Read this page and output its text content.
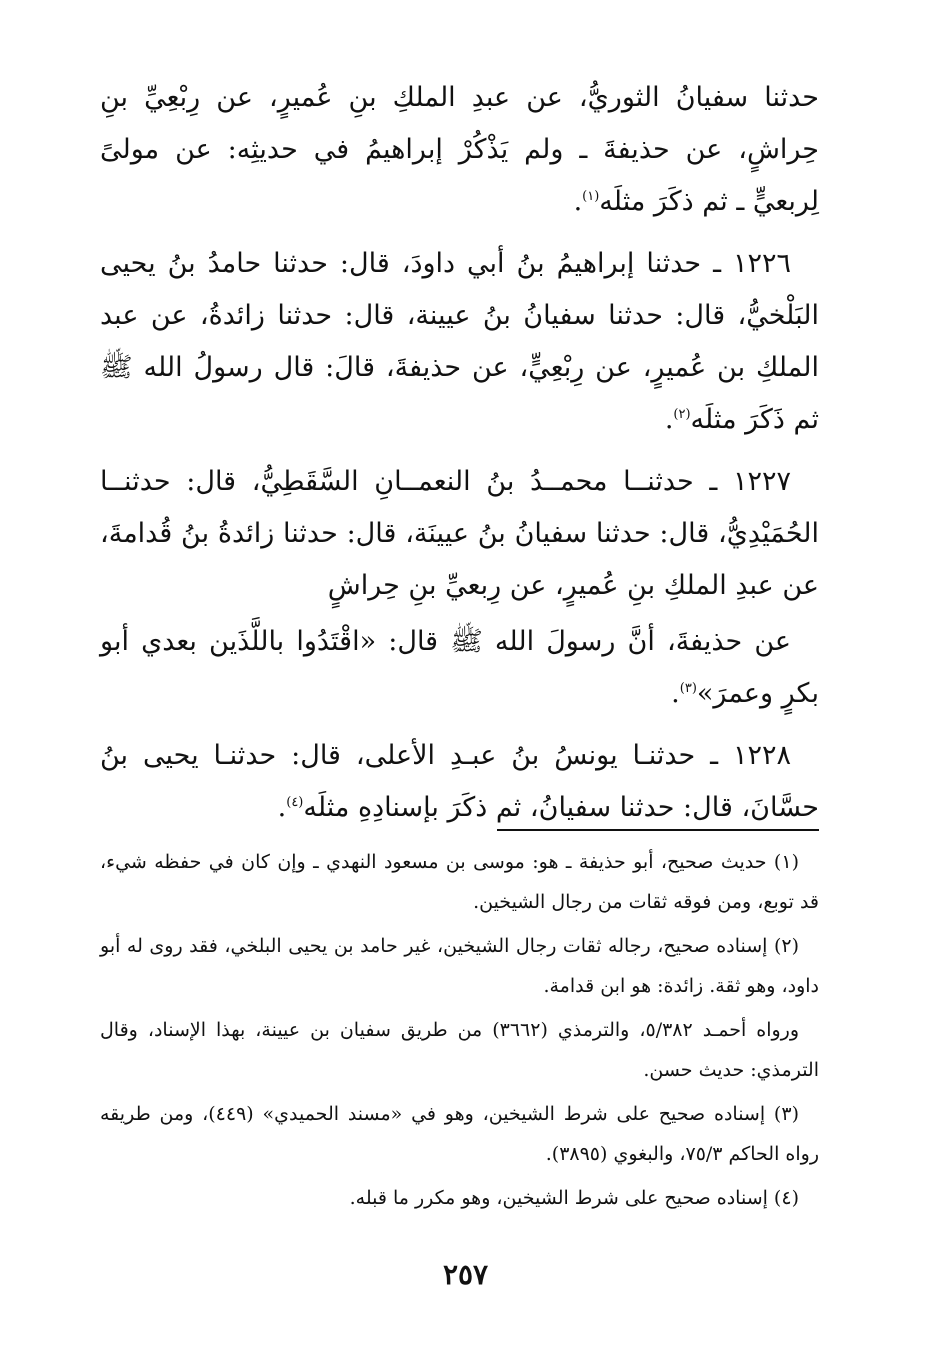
حدثنا سفيانُ الثوريُّ، عن عبدِ الملكِ بنِ عُميرٍ، عن رِبْعِيِّ بنِ حِراشٍ، عن حذيفةَ ـ ولم يَذْكُرْ إبراهيمُ في حديثِه: عن مولىً لِربعيٍّ ـ ثم ذكَرَ مثلَه$^{(١)}$.

١٢٢٦ ـ حدثنا إبراهيمُ بنُ أبي داودَ، قال: حدثنا حامدُ بنُ يحيى البَلْخيُّ، قال: حدثنا سفيانُ بنُ عيينة، قال: حدثنا زائدةُ، عن عبد الملكِ بن عُميرٍ، عن رِبْعِيٍّ، عن حذيفةَ، قالَ: قال رسولُ الله ﷺ ثم ذَكَرَ مثلَه$^{(٢)}$.

١٢٢٧ ـ حدثنــا محمــدُ بنُ النعمــانِ السَّقَطِيُّ، قال: حدثنــا الحُمَيْدِيُّ، قال: حدثنا سفيانُ بنُ عيينَة، قال: حدثنا زائدةُ بنُ قُدامةَ، عن عبدِ الملكِ بنِ عُميرٍ، عن رِبعيِّ بنِ حِراشٍ

عن حذيفةَ، أنَّ رسولَ الله ﷺ قال: «اقْتَدُوا باللَّذَين بعدي أبو بكرٍ وعمرَ»$^{(٣)}$.

١٢٢٨ ـ حدثنـا يونسُ بنُ عبـدِ الأعلى، قال: حدثنـا يحيى بنُ حسَّانَ، قال: حدثنا سفيانُ، ثم ذكَرَ بإسنادِهِ مثلَه$^{(٤)}$.

(١) حديث صحيح، أبو حذيفة ـ هو: موسى بن مسعود النهدي ـ وإن كان في حفظه شيء، قد توبع، ومن فوقه ثقات من رجال الشيخين.

(٢) إسناده صحيح، رجاله ثقات رجال الشيخين، غير حامد بن يحيى البلخي، فقد روى له أبو داود، وهو ثقة. زائدة: هو ابن قدامة.

ورواه أحمـد ٥/٣٨٢، والترمذي (٣٦٦٢) من طريق سفيان بن عيينة، بهذا الإسناد، وقال الترمذي: حديث حسن.

(٣) إسناده صحيح على شرط الشيخين، وهو في «مسند الحميدي» (٤٤٩)، ومن طريقه رواه الحاكم ٧٥/٣، والبغوي (٣٨٩٥).

(٤) إسناده صحيح على شرط الشيخين، وهو مكرر ما قبله.

٢٥٧
